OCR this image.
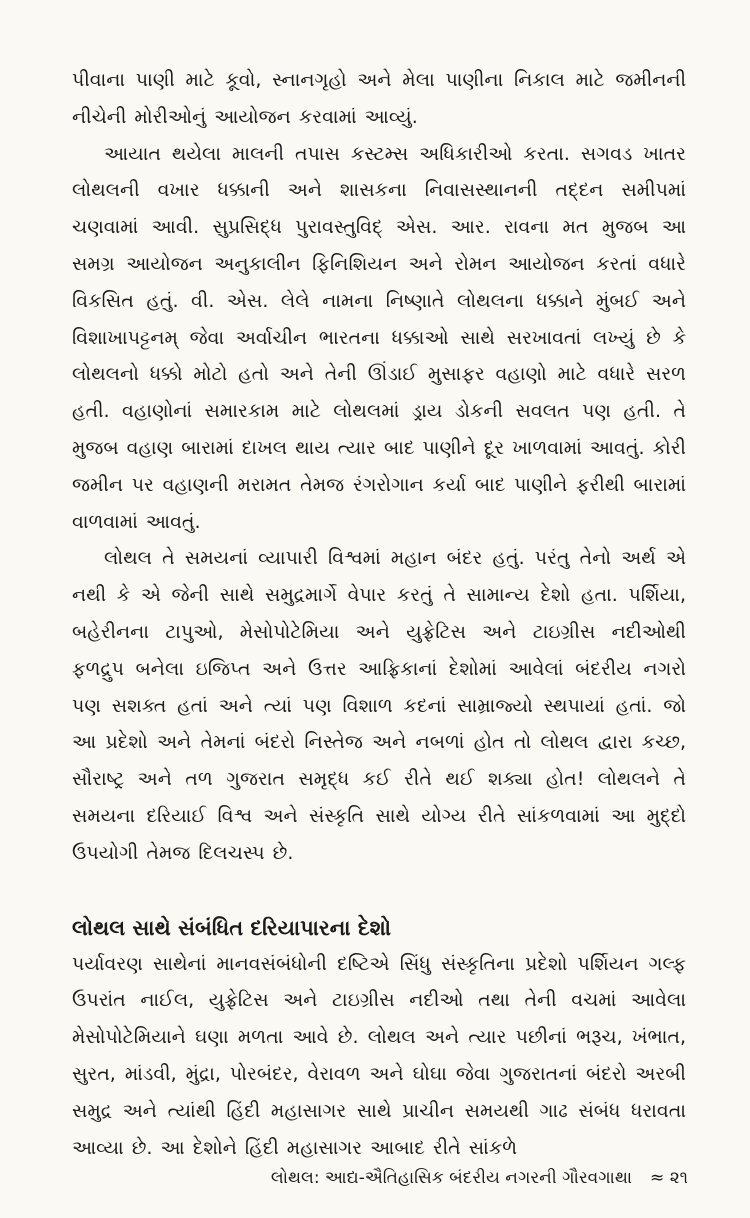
પીવાના પાણી માટે કૂવો, સ્નાનગૃહો અને મેલા પાણીના નિકાલ માટે જમીનની નીચેની મોરીઓનું આયોજન કરવામાં આવ્યું.

આયાત થયેલા માલની તપાસ કસ્ટમ્સ અધિકારીઓ કરતા. સગવડ ખાતર લોથલની વખાર ધક્કાની અને શાસકના નિવાસસ્થાનની તદ્દન સમીપમાં ચણવામાં આવી. સુપ્રસિદ્ધ પુરાવસ્તુવિદ્ એસ. આર. રાવના મત મુજબ આ સમગ્ર આયોજન અનુકાલીન ફિનિશિયન અને રોમન આયોજન કરતાં વધારે વિકસિત હતું. વી. એસ. લેલે નામના નિષ્ણાતે લોથલના ધક્કાને મુંબઈ અને વિશાખાપટ્ટનમ્ જેવા અર્વાચીન ભારતના ધક્કાઓ સાથે સરખાવતાં લખ્યું છે કે લોથલનો ધક્કો મોટો હતો અને તેની ઊંડાઈ મુસાફર વહાણો માટે વધારે સરળ હતી. વહાણોનાં સમારકામ માટે લોથલમાં ડ્રાય ડોકની સવલત પણ હતી. તે મુજબ વહાણ બારામાં દાખલ થાય ત્યાર બાદ પાણીને દૂર ખાળવામાં આવતું. કોરી જમીન પર વહાણની મરામત તેમજ રંગરોગાન કર્યા બાદ પાણીને ફરીથી બારામાં વાળવામાં આવતું.

લોથલ તે સમયનાં વ્યાપારી વિશ્વમાં મહાન બંદર હતું. પરંતુ તેનો અર્થ એ નથી કે એ જેની સાથે સમુદ્રમાર્ગે વેપાર કરતું તે સામાન્ય દેશો હતા. પર્શિયા, બહેરીનના ટાપુઓ, મેસોપોટેમિયા અને યુફ્રેટિસ અને ટાઇગ્રીસ નદીઓથી ફળદ્રુપ બનેલા ઇજિપ્ત અને ઉત્તર આફ્રિકાનાં દેશોમાં આવેલાં બંદરીય નગરો પણ સશક્ત હતાં અને ત્યાં પણ વિશાળ કદનાં સામ્રાજ્યો સ્થપાયાં હતાં. જો આ પ્રદેશો અને તેમનાં બંદરો નિસ્તેજ અને નબળાં હોત તો લોથલ દ્વારા કચ્છ, સૌરાષ્ટ્ર અને તળ ગુજરાત સમૃદ્ધ કઈ રીતે થઈ શક્યા હોત! લોથલને તે સમયના દરિયાઈ વિશ્વ અને સંસ્કૃતિ સાથે યોગ્ય રીતે સાંકળવામાં આ મુદ્દો ઉપયોગી તેમજ દિલચસ્પ છે.

લોથલ સાથે સંબંધિત દરિયાપારના દેશો

પર્યાવરણ સાથેનાં માનવસંબંધોની દષ્ટિએ સિંધુ સંસ્કૃતિના પ્રદેશો પર્શિયન ગલ્ફ ઉપરાંત નાઈલ, યુફ્રેટિસ અને ટાઇગ્રીસ નદીઓ તથા તેની વચમાં આવેલા મેસોપોટેમિયાને ઘણા મળતા આવે છે. લોથલ અને ત્યાર પછીનાં ભરૂચ, ખંભાત, સુરત, માંડવી, મુંદ્રા, પોરબંદર, વેરાવળ અને ઘોઘા જેવા ગુજરાતનાં બંદરો અરબી સમુદ્ર અને ત્યાંથી હિંદી મહાસાગર સાથે પ્રાચીન સમયથી ગાઢ સંબંધ ધરાવતા આવ્યા છે. આ દેશોને હિંદી મહાસાગર આબાદ રીતે સાંકળે

લોથલ: આદ્ય-ઐતિહાસિક બંદરીય નગરની ગૌરવગાથા ≈ ૨૧
